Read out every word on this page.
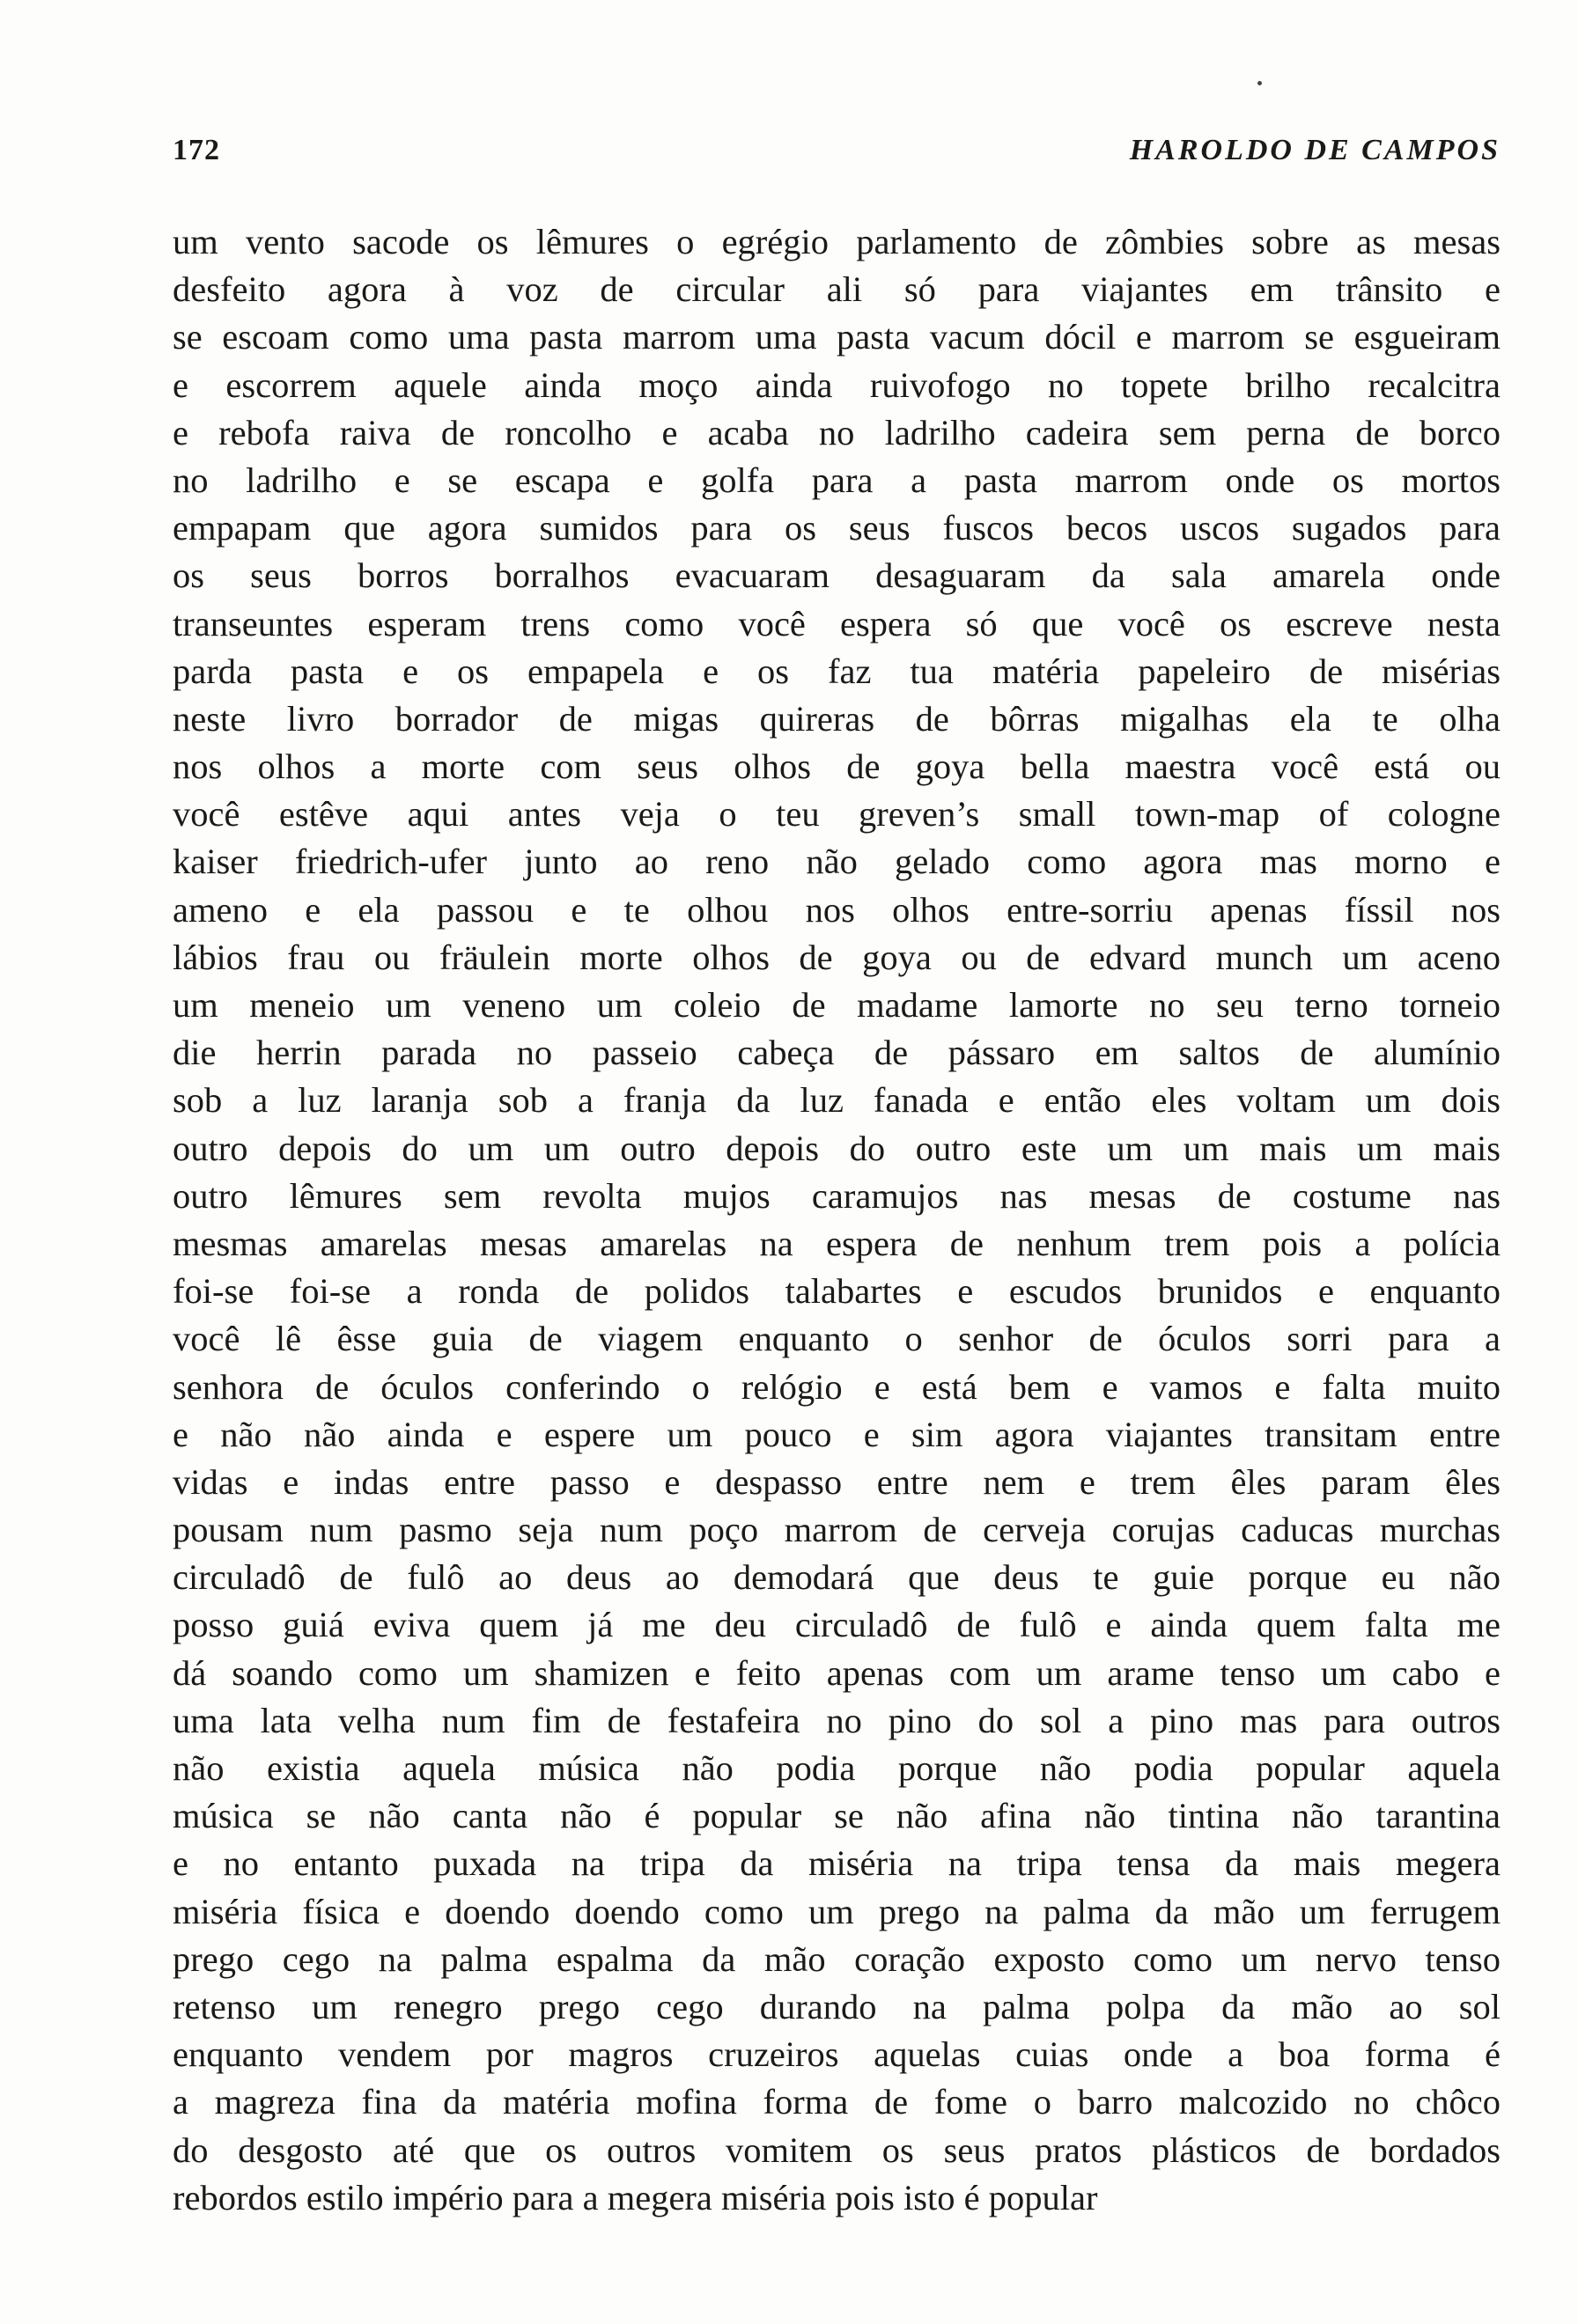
172	HAROLDO DE CAMPOS
um vento sacode os lêmures o egrégio parlamento de zômbies sobre as mesas
desfeito agora à voz de circular ali só para viajantes em trânsito e
se escoam como uma pasta marrom uma pasta vacum dócil e marrom se esgueiram
e escorrem aquele ainda moço ainda ruivofogo no topete brilho recalcitra
e rebofa raiva de roncolho e acaba no ladrilho cadeira sem perna de borco
no ladrilho e se escapa e golfa para a pasta marrom onde os mortos
empapam que agora sumidos para os seus fuscos becos uscos sugados para
os seus borros borralhos evacuaram desaguaram da sala amarela onde
transeuntes esperam trens como você espera só que você os escreve nesta
parda pasta e os empapela e os faz tua matéria papeleiro de misérias
neste livro borrador de migas quireras de bôrras migalhas ela te olha
nos olhos a morte com seus olhos de goya bella maestra você está ou
você estêve aqui antes veja o teu greven’s small town-map of cologne
kaiser friedrich-ufer junto ao reno não gelado como agora mas morno e
ameno e ela passou e te olhou nos olhos entre-sorriu apenas físsil nos
lábios frau ou fräulein morte olhos de goya ou de edvard munch um aceno
um meneio um veneno um coleio de madame lamorte no seu terno torneio
die herrin parada no passeio cabeça de pássaro em saltos de alumínio
sob a luz laranja sob a franja da luz fanada e então eles voltam um dois
outro depois do um um outro depois do outro este um um mais um mais
outro lêmures sem revolta mujos caramujos nas mesas de costume nas
mesmas amarelas mesas amarelas na espera de nenhum trem pois a polícia
foi-se foi-se a ronda de polidos talabartes e escudos brunidos e enquanto
você lê êsse guia de viagem enquanto o senhor de óculos sorri para a
senhora de óculos conferindo o relógio e está bem e vamos e falta muito
e não não ainda e espere um pouco e sim agora viajantes transitam entre
vidas e indas entre passo e despasso entre nem e trem êles param êles
pousam num pasmo seja num poço marrom de cerveja corujas caducas murchas
circuladô de fulô ao deus ao demodará que deus te guie porque eu não
posso guiá eviva quem já me deu circuladô de fulô e ainda quem falta me
dá soando como um shamizen e feito apenas com um arame tenso um cabo e
uma lata velha num fim de festafeira no pino do sol a pino mas para outros
não existia aquela música não podia porque não podia popular aquela
música se não canta não é popular se não afina não tintina não tarantina
e no entanto puxada na tripa da miséria na tripa tensa da mais megera
miséria física e doendo doendo como um prego na palma da mão um ferrugem
prego cego na palma espalma da mão coração exposto como um nervo tenso
retenso um renegro prego cego durando na palma polpa da mão ao sol
enquanto vendem por magros cruzeiros aquelas cuias onde a boa forma é
a magreza fina da matéria mofina forma de fome o barro malcozido no chôco
do desgosto até que os outros vomitem os seus pratos plásticos de bordados
rebordos estilo império para a megera miséria pois isto é popular
